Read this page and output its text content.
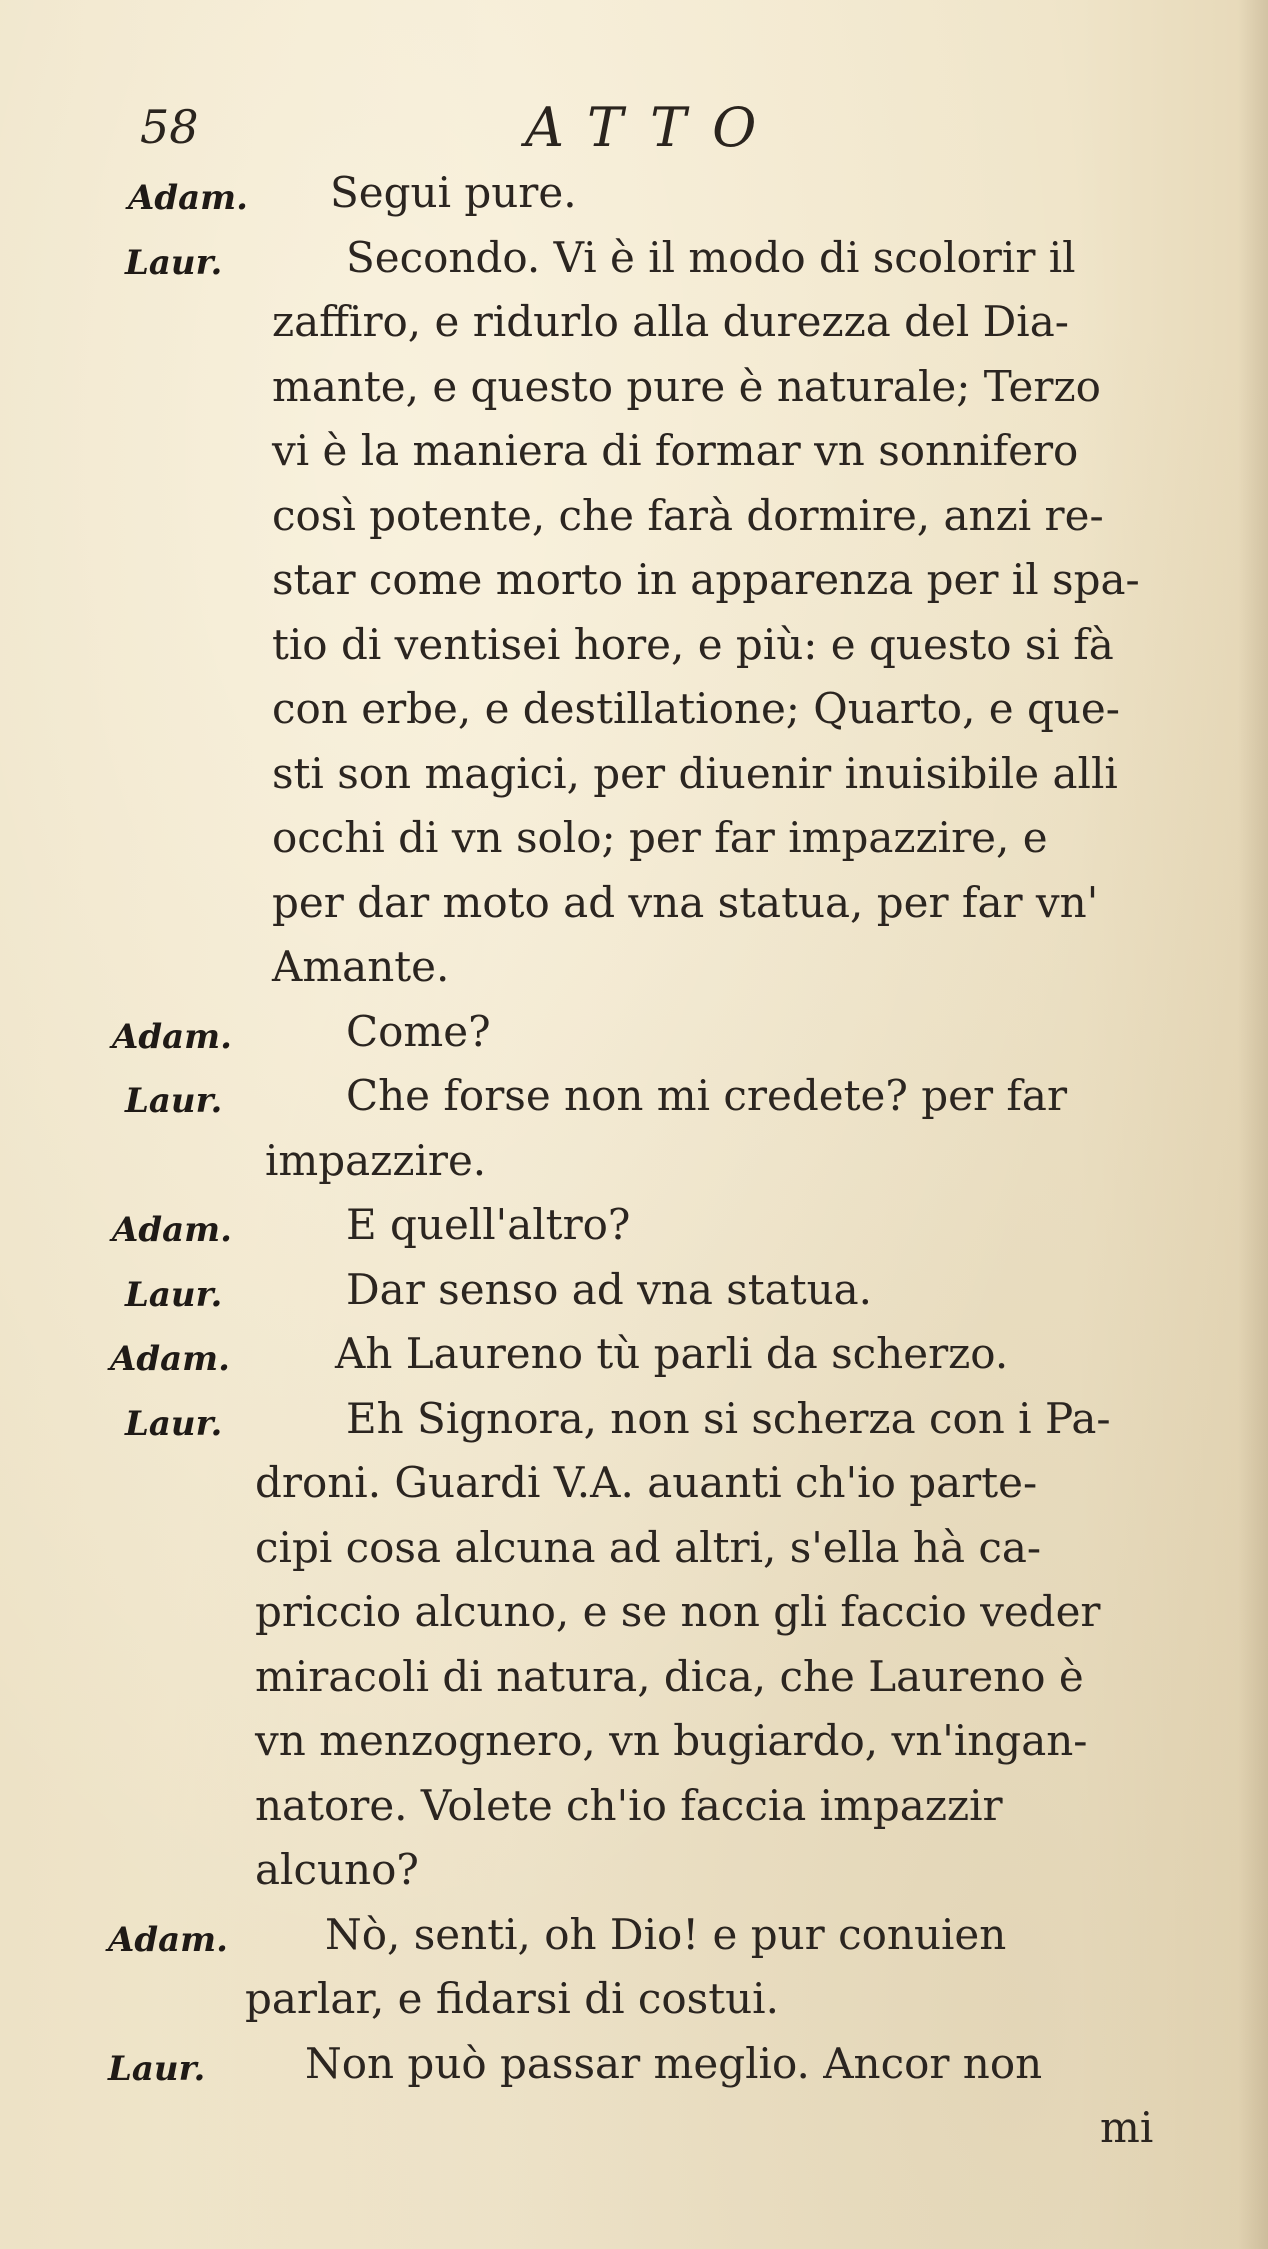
58	ATTO
Adam. Segui pure.
Laur.	Secondo. Vi è il modo di scolorir il
zaffiro, e ridurlo alla durezza del Dia-
mante, e questo pure è naturale; Terzo
vi è la maniera di formar vn sonnifero
così potente, che farà dormire, anzi re-
star come morto in apparenza per il spa-
tio di ventisei hore, e più: e questo si fà
con erbe, e destillatione; Quarto, e que-
sti son magici, per diuenir inuisibile alli
occhi di vn solo; per far impazzire, e
per dar moto ad vna statua, per far vn'
Amante.
Adam.	Come?
Laur.	Che forse non mi credete? per far
impazzire.
Adam.	E quell'altro?
Laur.	Dar senso ad vna statua.
Adam.	Ah Laureno tù parli da scherzo.
Laur.	Eh Signora, non si scherza con i Pa-
droni. Guardi V.A. auanti ch'io parte-
cipi cosa alcuna ad altri, s'ella hà ca-
priccio alcuno, e se non gli faccio veder
miracoli di natura, dica, che Laureno è
vn menzognero, vn bugiardo, vn'ingan-
natore. Volete ch'io faccia impazzir
alcuno?
Adam. Nò, senti, oh Dio! e pur conuien
parlar, e fidarsi di costui.
Laur. Non può passar meglio. Ancor non
mi
